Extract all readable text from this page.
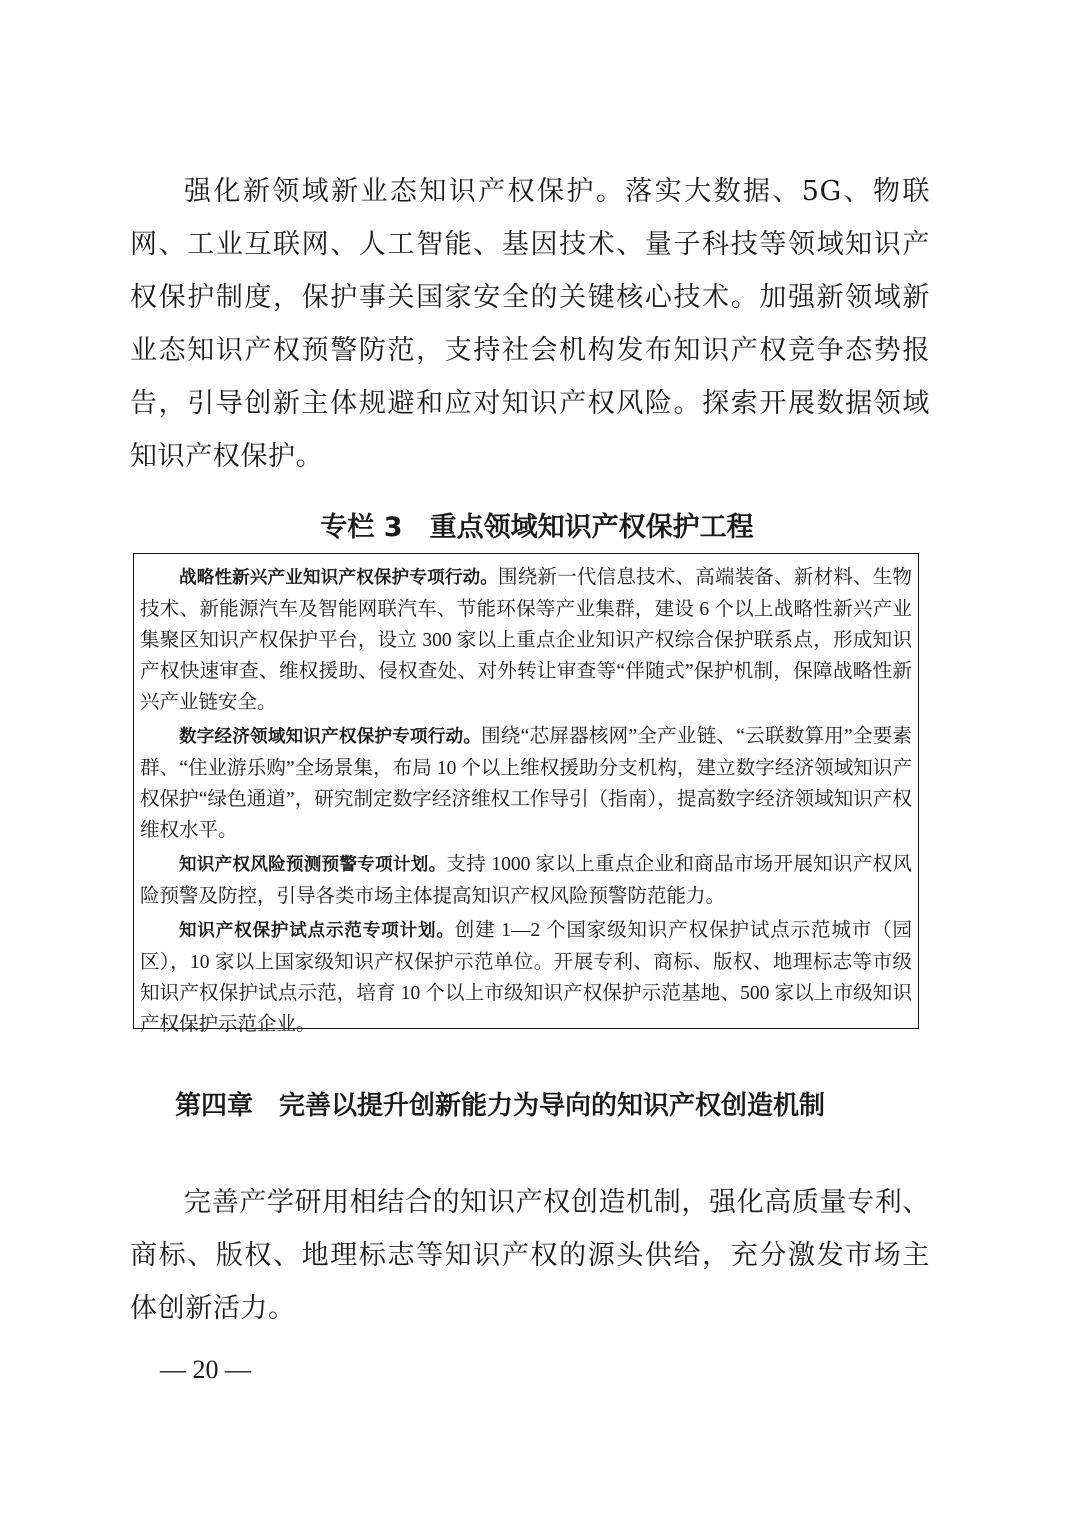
强化新领域新业态知识产权保护。落实大数据、5G、物联网、工业互联网、人工智能、基因技术、量子科技等领域知识产权保护制度，保护事关国家安全的关键核心技术。加强新领域新业态知识产权预警防范，支持社会机构发布知识产权竞争态势报告，引导创新主体规避和应对知识产权风险。探索开展数据领域知识产权保护。

专栏 3　重点领域知识产权保护工程

战略性新兴产业知识产权保护专项行动。围绕新一代信息技术、高端装备、新材料、生物技术、新能源汽车及智能网联汽车、节能环保等产业集群，建设 6 个以上战略性新兴产业集聚区知识产权保护平台，设立 300 家以上重点企业知识产权综合保护联系点，形成知识产权快速审查、维权援助、侵权查处、对外转让审查等“伴随式”保护机制，保障战略性新兴产业链安全。

数字经济领域知识产权保护专项行动。围绕“芯屏器核网”全产业链、“云联数算用”全要素群、“住业游乐购”全场景集，布局 10 个以上维权援助分支机构，建立数字经济领域知识产权保护“绿色通道”，研究制定数字经济维权工作导引（指南），提高数字经济领域知识产权维权水平。

知识产权风险预测预警专项计划。支持 1000 家以上重点企业和商品市场开展知识产权风险预警及防控，引导各类市场主体提高知识产权风险预警防范能力。

知识产权保护试点示范专项计划。创建 1—2 个国家级知识产权保护试点示范城市（园区），10 家以上国家级知识产权保护示范单位。开展专利、商标、版权、地理标志等市级知识产权保护试点示范，培育 10 个以上市级知识产权保护示范基地、500 家以上市级知识产权保护示范企业。

第四章　完善以提升创新能力为导向的知识产权创造机制

完善产学研用相结合的知识产权创造机制，强化高质量专利、商标、版权、地理标志等知识产权的源头供给，充分激发市场主体创新活力。

— 20 —
